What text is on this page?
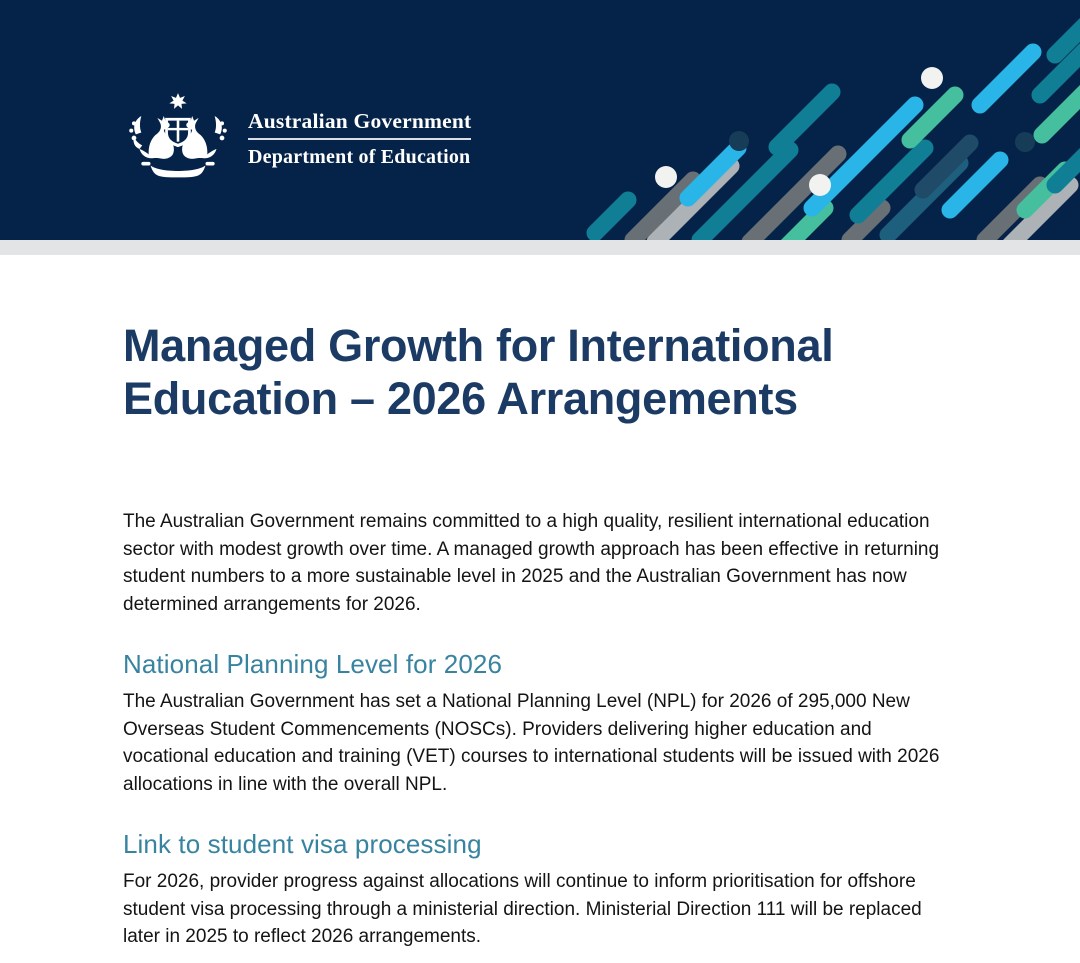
Australian Government
Department of Education
Managed Growth for International Education – 2026 Arrangements

The Australian Government remains committed to a high quality, resilient international education sector with modest growth over time. A managed growth approach has been effective in returning student numbers to a more sustainable level in 2025 and the Australian Government has now determined arrangements for 2026.

National Planning Level for 2026

The Australian Government has set a National Planning Level (NPL) for 2026 of 295,000 New Overseas Student Commencements (NOSCs). Providers delivering higher education and vocational education and training (VET) courses to international students will be issued with 2026 allocations in line with the overall NPL.

Link to student visa processing

For 2026, provider progress against allocations will continue to inform prioritisation for offshore student visa processing through a ministerial direction. Ministerial Direction 111 will be replaced later in 2025 to reflect 2026 arrangements.
